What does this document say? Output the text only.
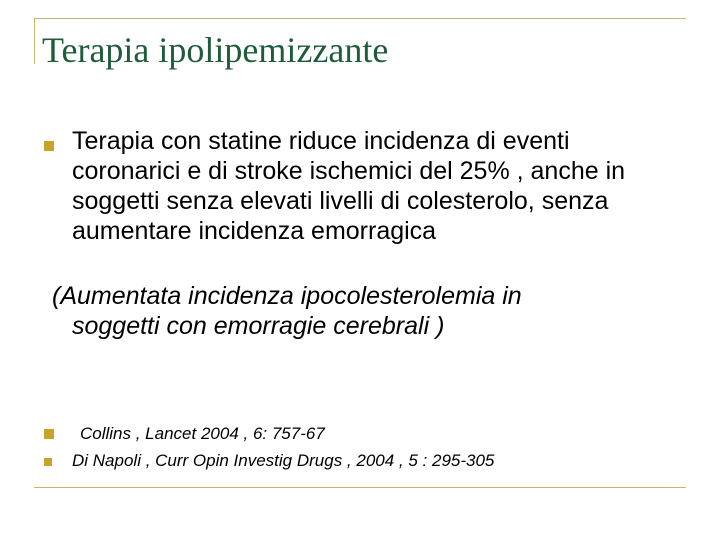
Terapia ipolipemizzante

Terapia con statine riduce incidenza di eventi coronarici e di stroke ischemici del 25% , anche in soggetti senza elevati livelli di colesterolo, senza aumentare incidenza emorragica

(Aumentata incidenza ipocolesterolemia in
soggetti con emorragie cerebrali )

Collins , Lancet 2004 , 6: 757-67

Di Napoli , Curr Opin Investig Drugs , 2004 , 5 : 295-305
